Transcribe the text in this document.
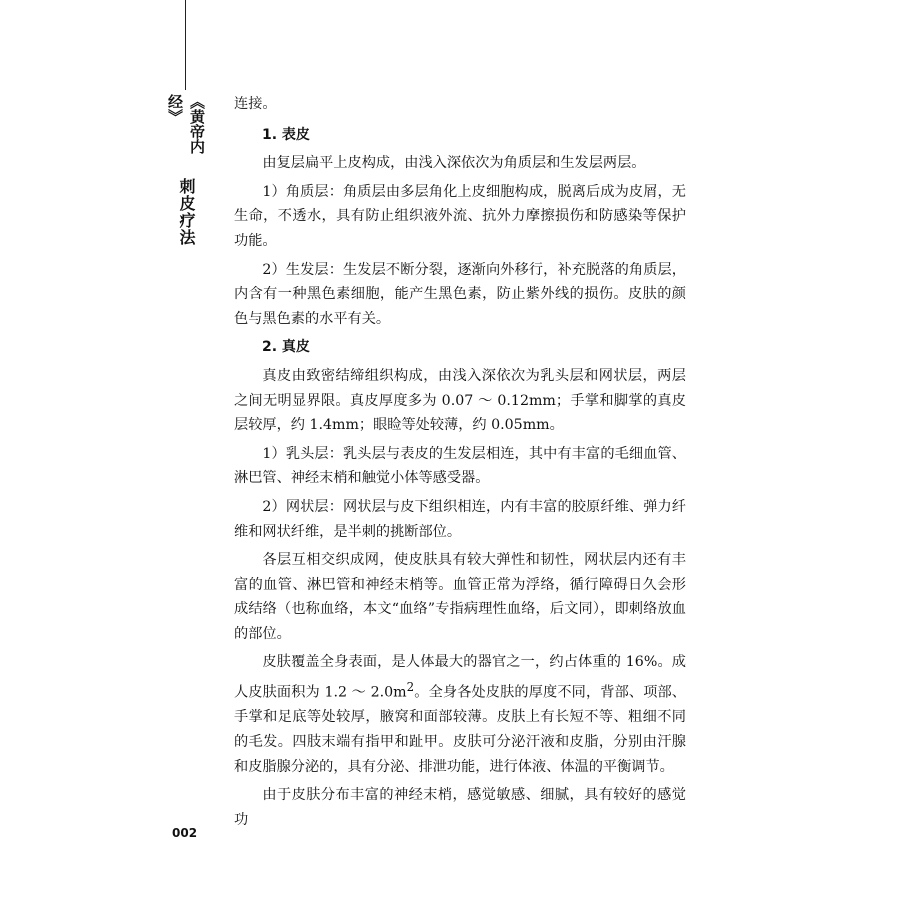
《黄帝内经》
刺皮疗法

连接。

1. 表皮

由复层扁平上皮构成，由浅入深依次为角质层和生发层两层。

1）角质层：角质层由多层角化上皮细胞构成，脱离后成为皮屑，无生命，不透水，具有防止组织液外流、抗外力摩擦损伤和防感染等保护功能。

2）生发层：生发层不断分裂，逐渐向外移行，补充脱落的角质层，内含有一种黑色素细胞，能产生黑色素，防止紫外线的损伤。皮肤的颜色与黑色素的水平有关。

2. 真皮

真皮由致密结缔组织构成，由浅入深依次为乳头层和网状层，两层之间无明显界限。真皮厚度多为 0.07 ～ 0.12mm；手掌和脚掌的真皮层较厚，约 1.4mm；眼睑等处较薄，约 0.05mm。

1）乳头层：乳头层与表皮的生发层相连，其中有丰富的毛细血管、淋巴管、神经末梢和触觉小体等感受器。

2）网状层：网状层与皮下组织相连，内有丰富的胶原纤维、弹力纤维和网状纤维，是半刺的挑断部位。

各层互相交织成网，使皮肤具有较大弹性和韧性，网状层内还有丰富的血管、淋巴管和神经末梢等。血管正常为浮络，循行障碍日久会形成结络（也称血络，本文“血络”专指病理性血络，后文同），即刺络放血的部位。

皮肤覆盖全身表面，是人体最大的器官之一，约占体重的 16%。成人皮肤面积为 1.2 ～ $2.0m^2$。全身各处皮肤的厚度不同，背部、项部、手掌和足底等处较厚，腋窝和面部较薄。皮肤上有长短不等、粗细不同的毛发。四肢末端有指甲和趾甲。皮肤可分泌汗液和皮脂，分别由汗腺和皮脂腺分泌的，具有分泌、排泄功能，进行体液、体温的平衡调节。

由于皮肤分布丰富的神经末梢，感觉敏感、细腻，具有较好的感觉功

002
